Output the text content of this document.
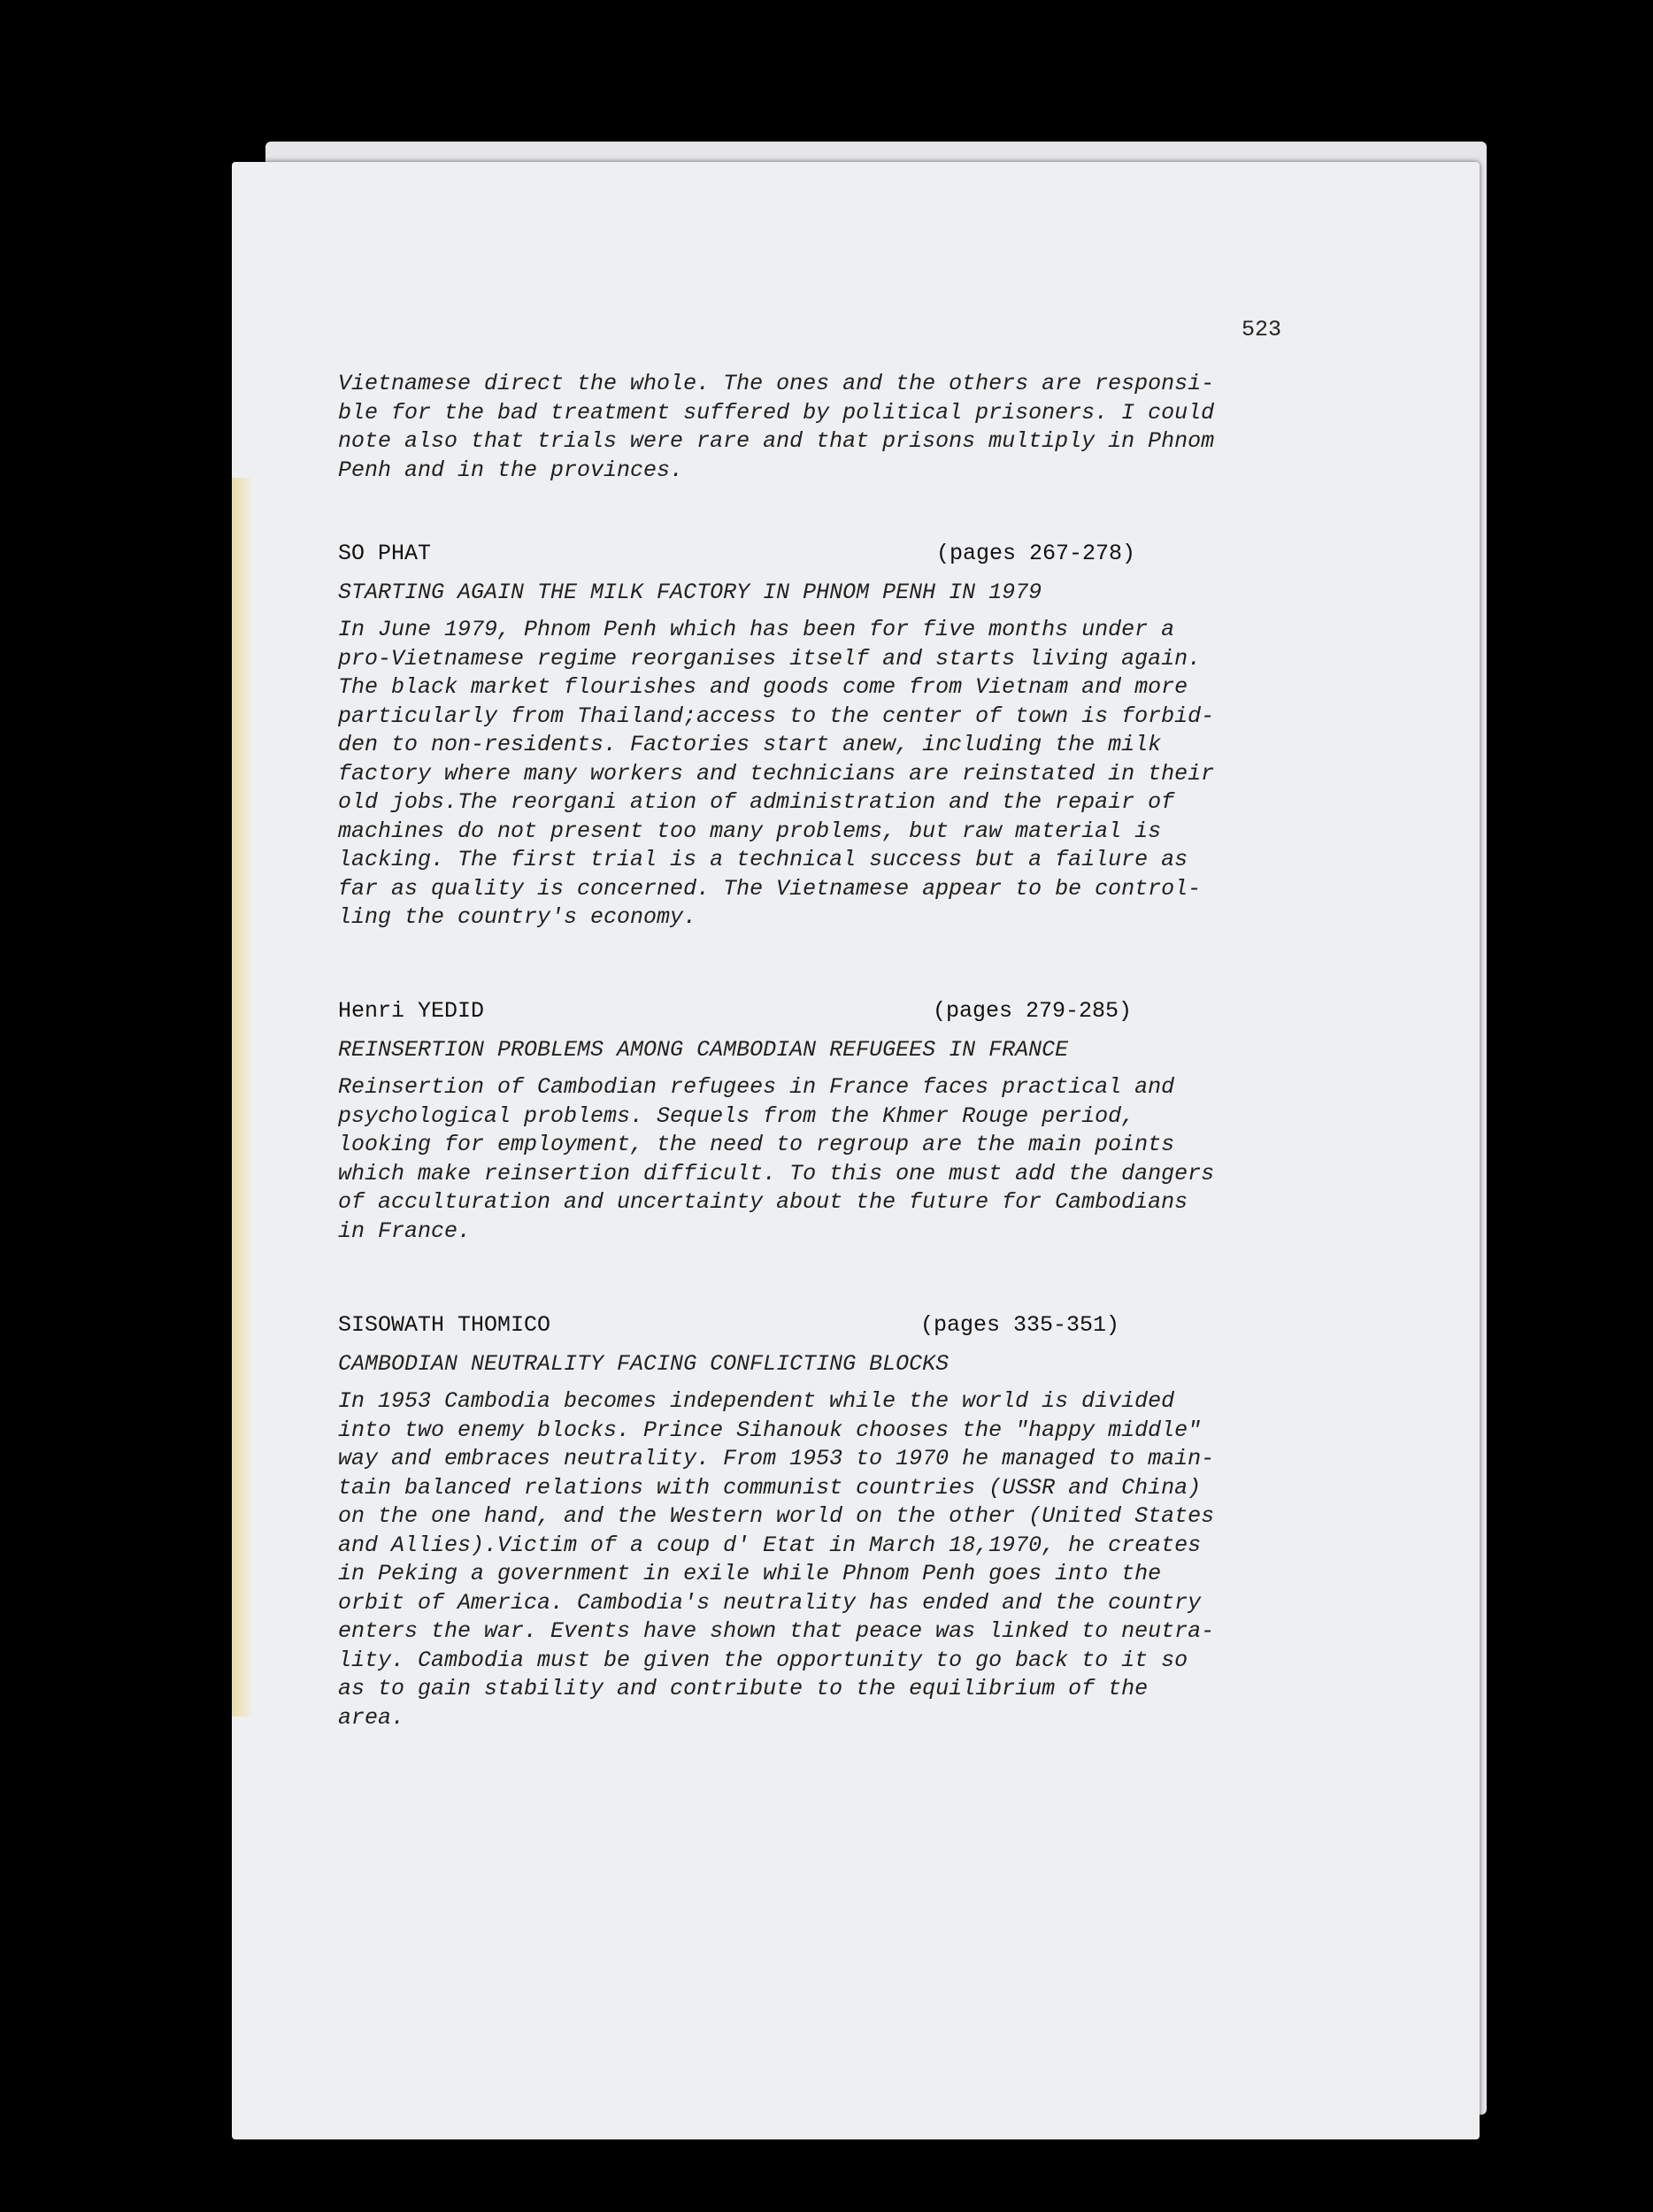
523

Vietnamese direct the whole. The ones and the others are responsi-
ble for the bad treatment suffered by political prisoners. I could
note also that trials were rare and that prisons multiply in Phnom
Penh and in the provinces.

SO PHAT	(pages 267-278)

STARTING AGAIN THE MILK FACTORY IN PHNOM PENH IN 1979

In June 1979, Phnom Penh which has been for five months under a
pro-Vietnamese regime reorganises itself and starts living again.
The black market flourishes and goods come from Vietnam and more
particularly from Thailand;access to the center of town is forbid-
den to non-residents. Factories start anew, including the milk
factory where many workers and technicians are reinstated in their
old jobs.The reorgani ation of administration and the repair of
machines do not present too many problems, but raw material is
lacking. The first trial is a technical success but a failure as
far as quality is concerned. The Vietnamese appear to be control-
ling the country's economy.

Henri YEDID	(pages 279-285)

REINSERTION PROBLEMS AMONG CAMBODIAN REFUGEES IN FRANCE

Reinsertion of Cambodian refugees in France faces practical and
psychological problems. Sequels from the Khmer Rouge period,
looking for employment, the need to regroup are the main points
which make reinsertion difficult. To this one must add the dangers
of acculturation and uncertainty about the future for Cambodians
in France.

SISOWATH THOMICO	(pages 335-351)

CAMBODIAN NEUTRALITY FACING CONFLICTING BLOCKS

In 1953 Cambodia becomes independent while the world is divided
into two enemy blocks. Prince Sihanouk chooses the "happy middle"
way and embraces neutrality. From 1953 to 1970 he managed to main-
tain balanced relations with communist countries (USSR and China)
on the one hand, and the Western world on the other (United States
and Allies).Victim of a coup d' Etat in March 18,1970, he creates
in Peking a government in exile while Phnom Penh goes into the
orbit of America. Cambodia's neutrality has ended and the country
enters the war. Events have shown that peace was linked to neutra-
lity. Cambodia must be given the opportunity to go back to it so
as to gain stability and contribute to the equilibrium of the
area.
